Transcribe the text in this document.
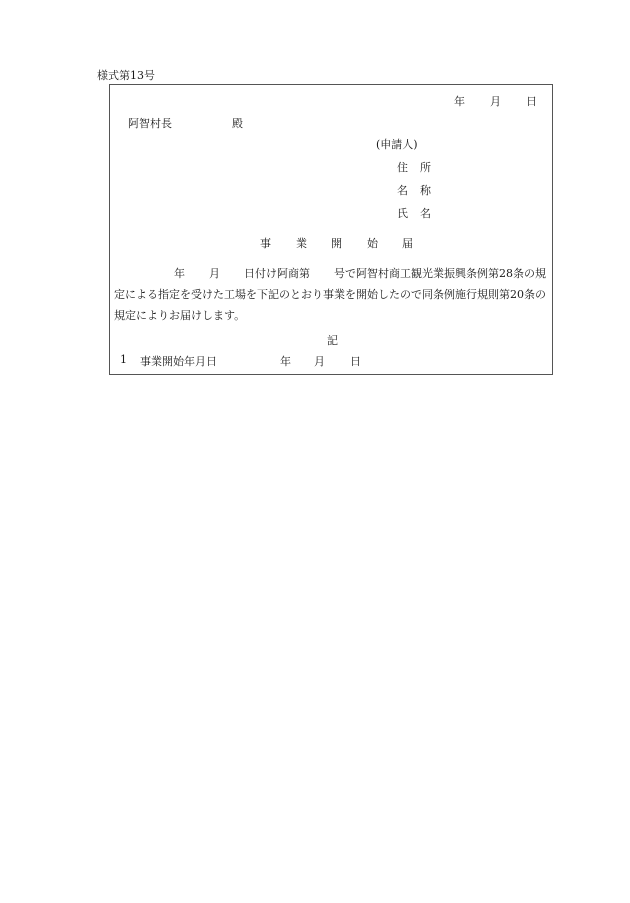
様式第13号
年 月 日
阿智村長	殿
(申請人)
住 所
名 称
氏 名
事 業 開 始 届
年 月 日付け阿商第 号で阿智村商工観光業振興条例第28条の規定による指定を受けた工場を下記のとおり事業を開始したので同条例施行規則第20条の規定によりお届けします。
記
1 事業開始年月日	年 月 日
